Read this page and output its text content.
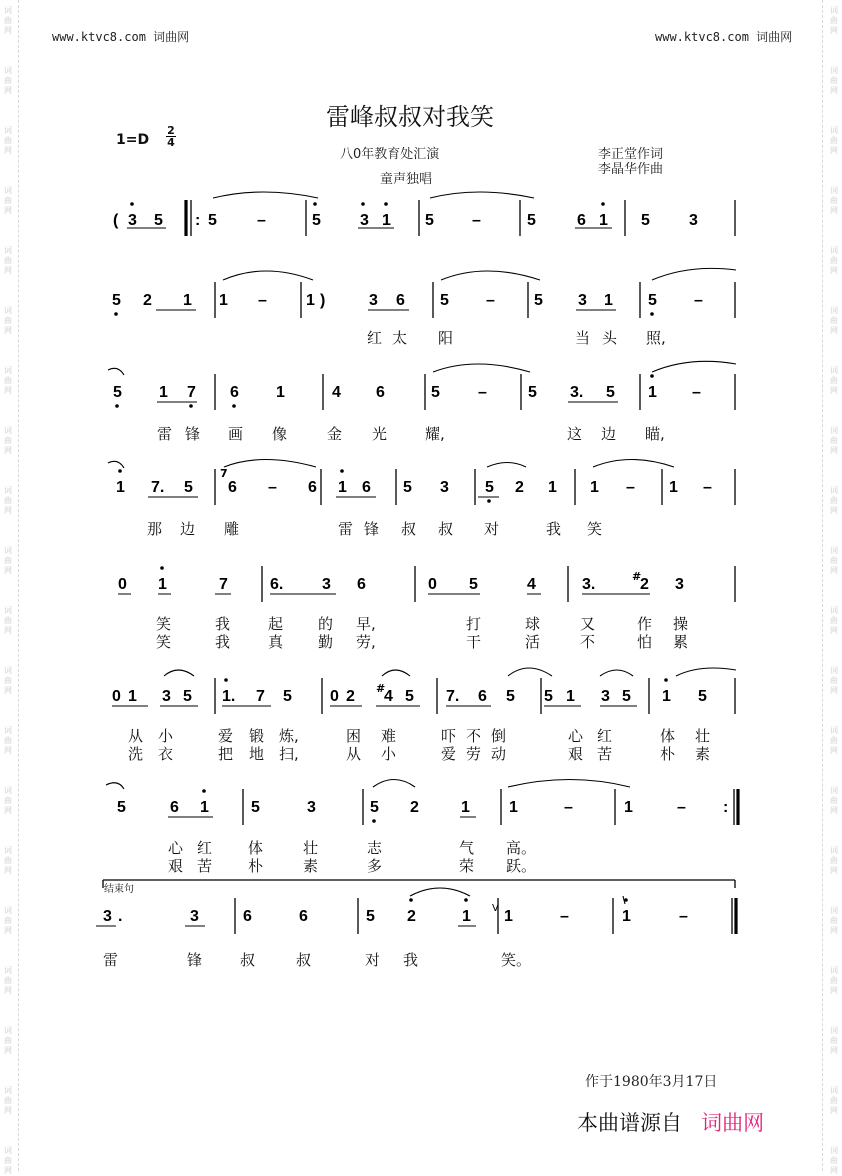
词曲网
词曲网
词曲网
词曲网
词曲网
词曲网
词曲网
词曲网
词曲网
词曲网
词曲网
词曲网
词曲网
词曲网
词曲网
词曲网
词曲网
词曲网
词曲网
词曲网
词曲网
词曲网
词曲网
词曲网
词曲网
词曲网
词曲网
词曲网
词曲网
词曲网
词曲网
词曲网
词曲网
词曲网
词曲网
词曲网
词曲网
词曲网
词曲网
词曲网
www.ktvc8.com 词曲网	www.ktvc8.com 词曲网
雷峰叔叔对我笑
$1=D \frac{2}{4}$
八0年教育处汇演
童声独唱
李正堂作词
李晶华作曲
( 3 5 : 5	–	5 3 1 5 –	5	6 1 5 3
5 2 1 1 – 1 )	3 6 5 – 5 3 1 5 –
5 1 7 6 1	4 6	5 –	5 3. 5 1 –
1 7. 5
7
6 – 6 1 6 5 3 5 2 1 1 – 1 –
0 1	7	6. 3 6	0 5	4	3.	#
2 3
0 1 3 5 1. 7 5 0 2 #
4 5 7. 6 5 5 1 3 5 1 5
5	6 1	5	3	5 2	1 1	–	1	– :
3 .	3	6	6	5 2	1 V 1	–	1	–
红 太 阳	当 头 照,
雷 锋 画 像	金 光	耀,	这 边 瞄,
那 边 雕	雷 锋 叔 叔 对	我 笑
笑	我	起 的 早,	打	球	又	作 操
笑	我	真 勤 劳,	干	活	不	怕 累
从 小	爱 锻 炼,	困 难	吓 不 倒	心 红	体 壮
洗 衣	把 地 扫,	从 小	爱 劳 动	艰 苦	朴 素
心 红 体	壮	志	气 高。
艰 苦 朴	素	多	荣 跃。
结束句
雷	锋	叔	叔	对 我	笑。
作于1980年3月17日
本曲谱源自 词曲网
